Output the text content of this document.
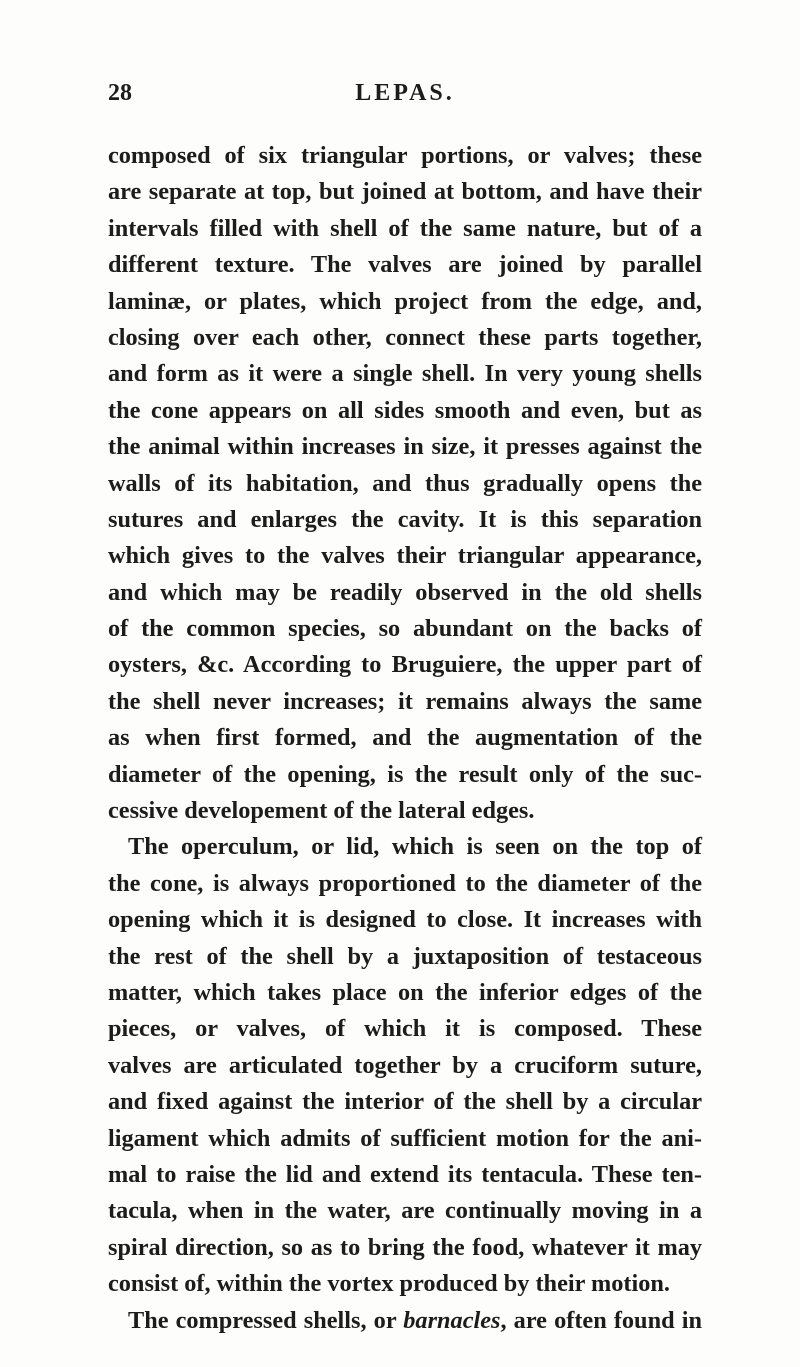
28	LEPAS.
composed of six triangular portions, or valves; these
are separate at top, but joined at bottom, and have their
intervals filled with shell of the same nature, but of a
different texture. The valves are joined by parallel
laminæ, or plates, which project from the edge, and,
closing over each other, connect these parts together,
and form as it were a single shell. In very young shells
the cone appears on all sides smooth and even, but as
the animal within increases in size, it presses against the
walls of its habitation, and thus gradually opens the
sutures and enlarges the cavity. It is this separation
which gives to the valves their triangular appearance,
and which may be readily observed in the old shells
of the common species, so abundant on the backs of
oysters, &c. According to Bruguiere, the upper part of
the shell never increases; it remains always the same
as when first formed, and the augmentation of the
diameter of the opening, is the result only of the suc-
cessive developement of the lateral edges.
The operculum, or lid, which is seen on the top of
the cone, is always proportioned to the diameter of the
opening which it is designed to close. It increases with
the rest of the shell by a juxtaposition of testaceous
matter, which takes place on the inferior edges of the
pieces, or valves, of which it is composed. These
valves are articulated together by a cruciform suture,
and fixed against the interior of the shell by a circular
ligament which admits of sufficient motion for the ani-
mal to raise the lid and extend its tentacula. These ten-
tacula, when in the water, are continually moving in a
spiral direction, so as to bring the food, whatever it may
consist of, within the vortex produced by their motion.
The compressed shells, or barnacles, are often found in
